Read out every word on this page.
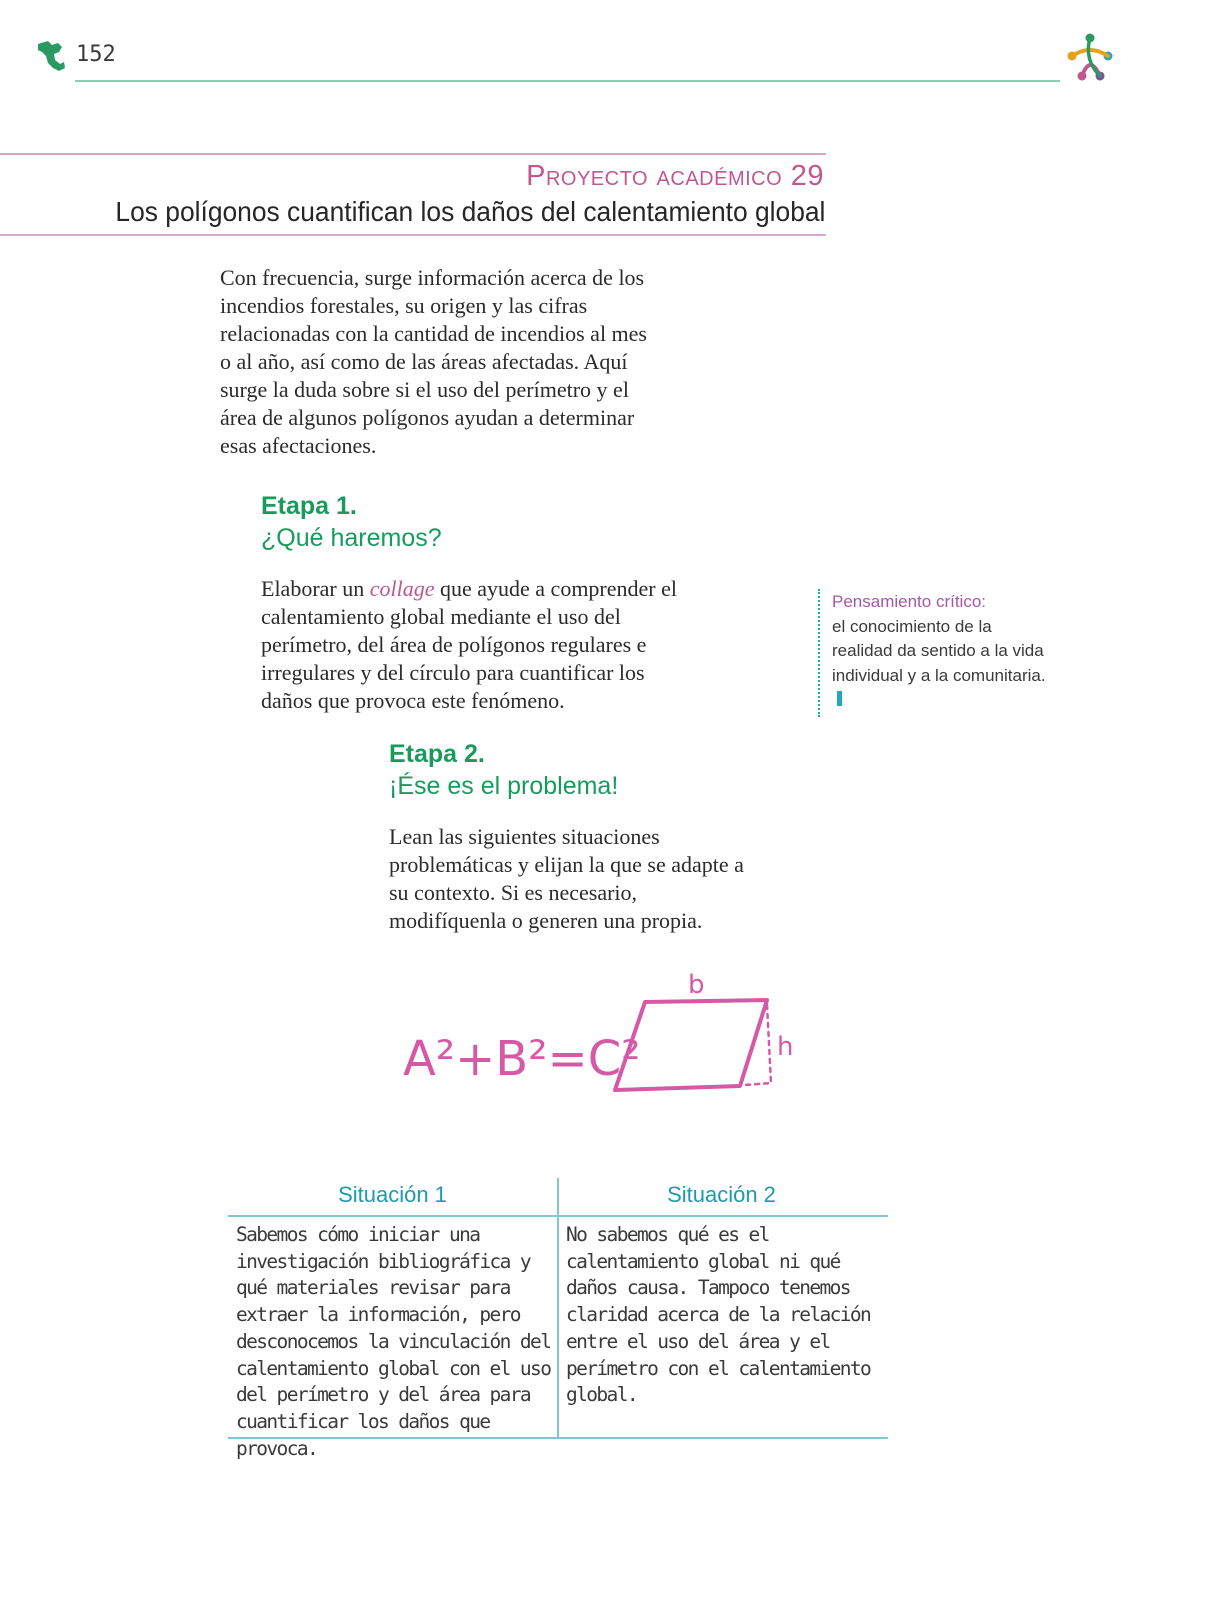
152
Proyecto académico 29
Los polígonos cuantifican los daños del calentamiento global
Con frecuencia, surge información acerca de los incendios forestales, su origen y las cifras relacionadas con la cantidad de incendios al mes o al año, así como de las áreas afectadas. Aquí surge la duda sobre si el uso del perímetro y el área de algunos polígonos ayudan a determinar esas afectaciones.
Etapa 1.
¿Qué haremos?
Elaborar un collage que ayude a comprender el calentamiento global mediante el uso del perímetro, del área de polígonos regulares e irregulares y del círculo para cuantificar los daños que provoca este fenómeno.
Pensamiento crítico:
el conocimiento de la realidad da sentido a la vida individual y a la comunitaria.
Etapa 2.
¡Ése es el problema!
Lean las siguientes situaciones problemáticas y elijan la que se adapte a su contexto. Si es necesario, modifíquenla o generen una propia.
A²+B²=C²
b
h
Situación 1	Situación 2
Sabemos cómo iniciar una investigación bibliográfica y qué materiales revisar para extraer la información, pero desconocemos la vinculación del calentamiento global con el uso del perímetro y del área para cuantificar los daños que provoca.
No sabemos qué es el calentamiento global ni qué daños causa. Tampoco tenemos claridad acerca de la relación entre el uso del área y el perímetro con el calentamiento global.
